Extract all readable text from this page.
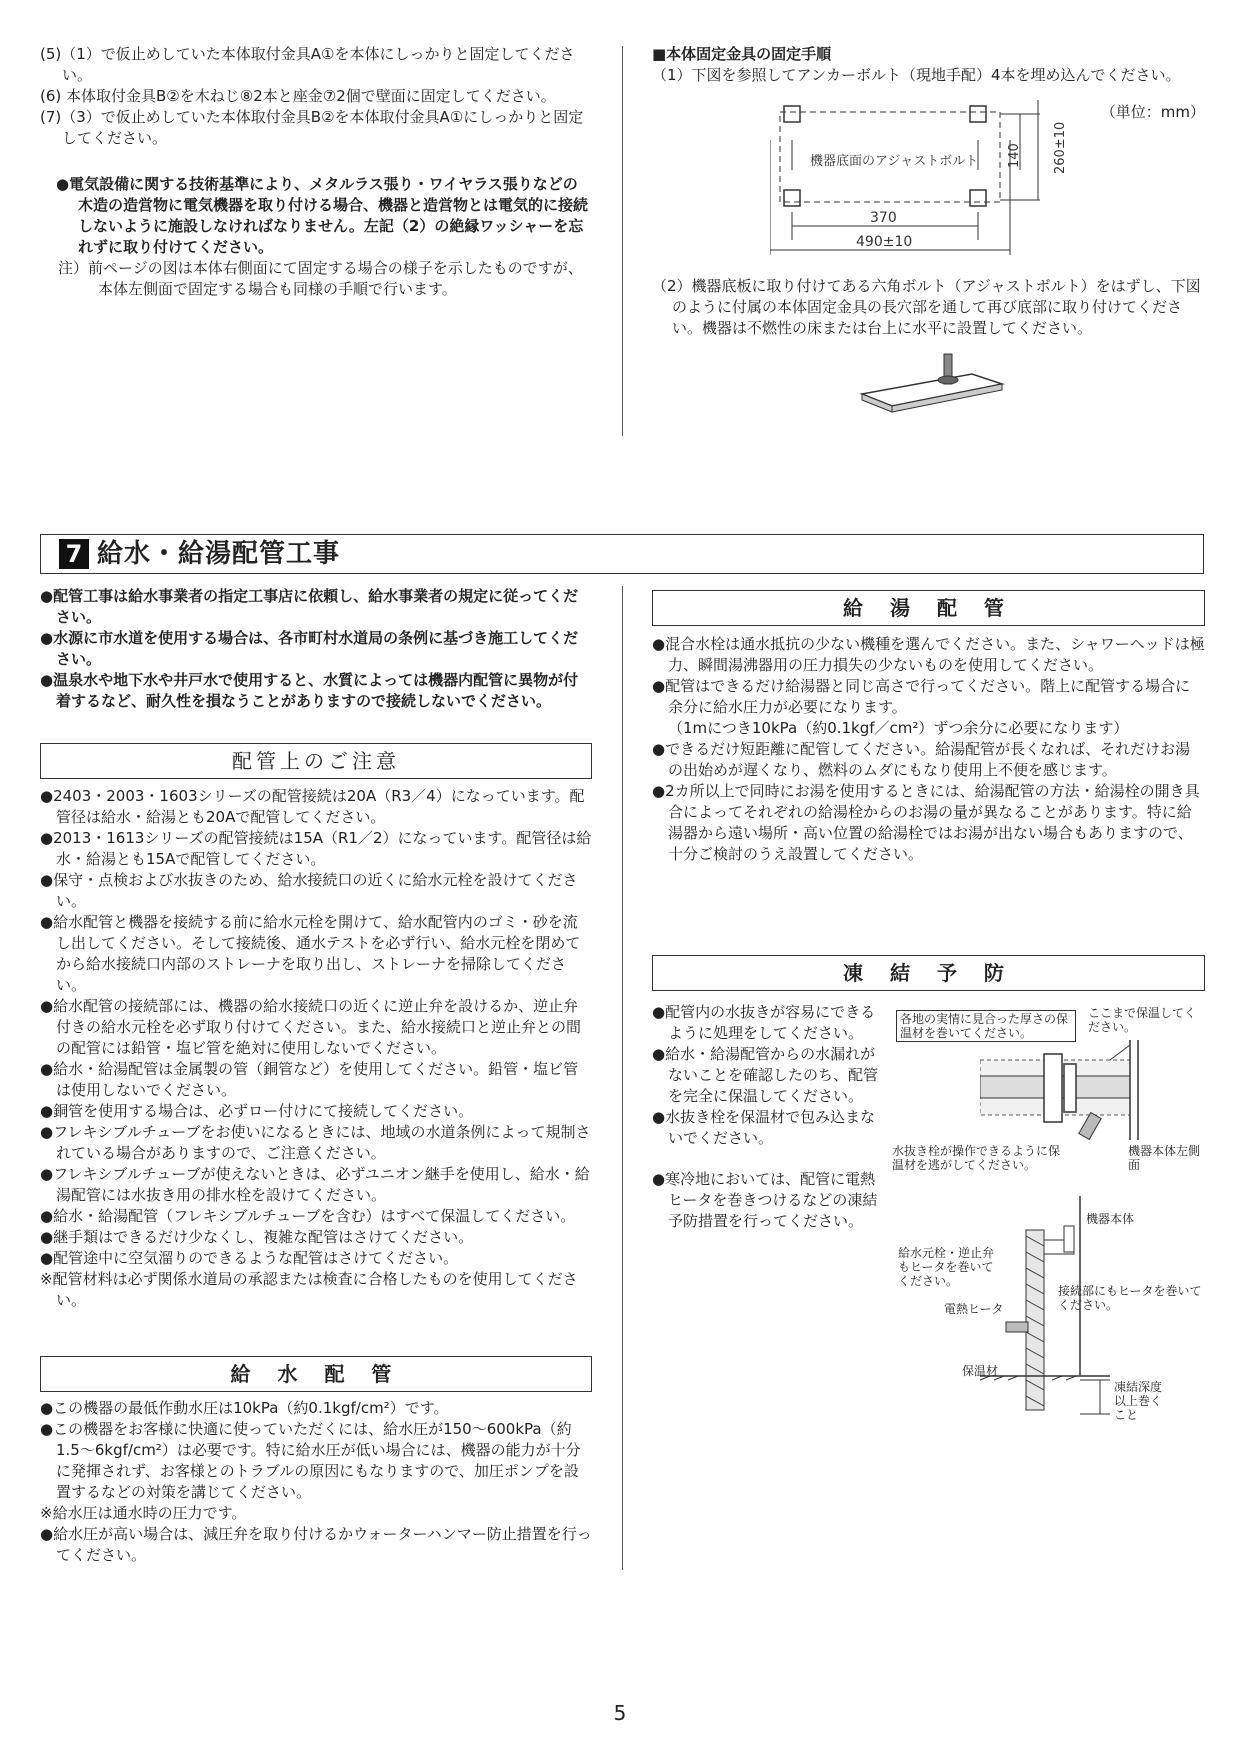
(5)（1）で仮止めしていた本体取付金具A①を本体にしっかりと固定してください。

(6) 本体取付金具B②を木ねじ⑧2本と座金⑦2個で壁面に固定してください。

(7)（3）で仮止めしていた本体取付金具B②を本体取付金具A①にしっかりと固定してください。

●電気設備に関する技術基準により、メタルラス張り・ワイヤラス張りなどの木造の造営物に電気機器を取り付ける場合、機器と造営物とは電気的に接続しないように施設しなければなりません。左記（2）の絶縁ワッシャーを忘れずに取り付けてください。

注）前ページの図は本体右側面にて固定する場合の様子を示したものですが、本体左側面で固定する場合も同様の手順で行います。

■本体固定金具の固定手順

（1）下図を参照してアンカーボルト（現地手配）4本を埋め込んでください。

（単位：mm）
機器底面のアジャストボルト
370
490±10
140 260±10

（2）機器底板に取り付けてある六角ボルト（アジャストボルト）をはずし、下図のように付属の本体固定金具の長穴部を通して再び底部に取り付けてください。機器は不燃性の床または台上に水平に設置してください。

7 給水・給湯配管工事

●配管工事は給水事業者の指定工事店に依頼し、給水事業者の規定に従ってください。

●水源に市水道を使用する場合は、各市町村水道局の条例に基づき施工してください。

●温泉水や地下水や井戸水で使用すると、水質によっては機器内配管に異物が付着するなど、耐久性を損なうことがありますので接続しないでください。

配管上のご注意

●2403・2003・1603シリーズの配管接続は20A（R3／4）になっています。配管径は給水・給湯とも20Aで配管してください。

●2013・1613シリーズの配管接続は15A（R1／2）になっています。配管径は給水・給湯とも15Aで配管してください。

●保守・点検および水抜きのため、給水接続口の近くに給水元栓を設けてください。

●給水配管と機器を接続する前に給水元栓を開けて、給水配管内のゴミ・砂を流し出してください。そして接続後、通水テストを必ず行い、給水元栓を閉めてから給水接続口内部のストレーナを取り出し、ストレーナを掃除してください。

●給水配管の接続部には、機器の給水接続口の近くに逆止弁を設けるか、逆止弁付きの給水元栓を必ず取り付けてください。また、給水接続口と逆止弁との間の配管には鉛管・塩ビ管を絶対に使用しないでください。

●給水・給湯配管は金属製の管（銅管など）を使用してください。鉛管・塩ビ管は使用しないでください。

●銅管を使用する場合は、必ずロー付けにて接続してください。

●フレキシブルチューブをお使いになるときには、地域の水道条例によって規制されている場合がありますので、ご注意ください。

●フレキシブルチューブが使えないときは、必ずユニオン継手を使用し、給水・給湯配管には水抜き用の排水栓を設けてください。

●給水・給湯配管（フレキシブルチューブを含む）はすべて保温してください。

●継手類はできるだけ少なくし、複雑な配管はさけてください。

●配管途中に空気溜りのできるような配管はさけてください。

※配管材料は必ず関係水道局の承認または検査に合格したものを使用してください。

給 水 配 管

●この機器の最低作動水圧は10kPa（約0.1kgf/cm²）です。

●この機器をお客様に快適に使っていただくには、給水圧が150～600kPa（約1.5～6kgf/cm²）は必要です。特に給水圧が低い場合には、機器の能力が十分に発揮されず、お客様とのトラブルの原因にもなりますので、加圧ポンプを設置するなどの対策を講じてください。

※給水圧は通水時の圧力です。

●給水圧が高い場合は、減圧弁を取り付けるかウォーターハンマー防止措置を行ってください。

給 湯 配 管

●混合水栓は通水抵抗の少ない機種を選んでください。また、シャワーヘッドは極力、瞬間湯沸器用の圧力損失の少ないものを使用してください。

●配管はできるだけ給湯器と同じ高さで行ってください。階上に配管する場合に余分に給水圧力が必要になります。

（1mにつき10kPa（約0.1kgf／cm²）ずつ余分に必要になります）

●できるだけ短距離に配管してください。給湯配管が長くなれば、それだけお湯の出始めが遅くなり、燃料のムダにもなり使用上不便を感じます。

●2カ所以上で同時にお湯を使用するときには、給湯配管の方法・給湯栓の開き具合によってそれぞれの給湯栓からのお湯の量が異なることがあります。特に給湯器から遠い場所・高い位置の給湯栓ではお湯が出ない場合もありますので、十分ご検討のうえ設置してください。

凍 結 予 防

●配管内の水抜きが容易にできるように処理をしてください。

●給水・給湯配管からの水漏れがないことを確認したのち、配管を完全に保温してください。

●水抜き栓を保温材で包み込まないでください。

●寒冷地においては、配管に電熱ヒータを巻きつけるなどの凍結予防措置を行ってください。

各地の実情に見合った厚さの保温材を巻いてください。
ここまで保温してください。
水抜き栓が操作できるように保温材を逃がしてください。
機器本体左側面
機器本体
給水元栓・逆止弁もヒータを巻いてください。
接続部にもヒータを巻いてください。
電熱ヒータ
保温材
凍結深度以上巻くこと
5
